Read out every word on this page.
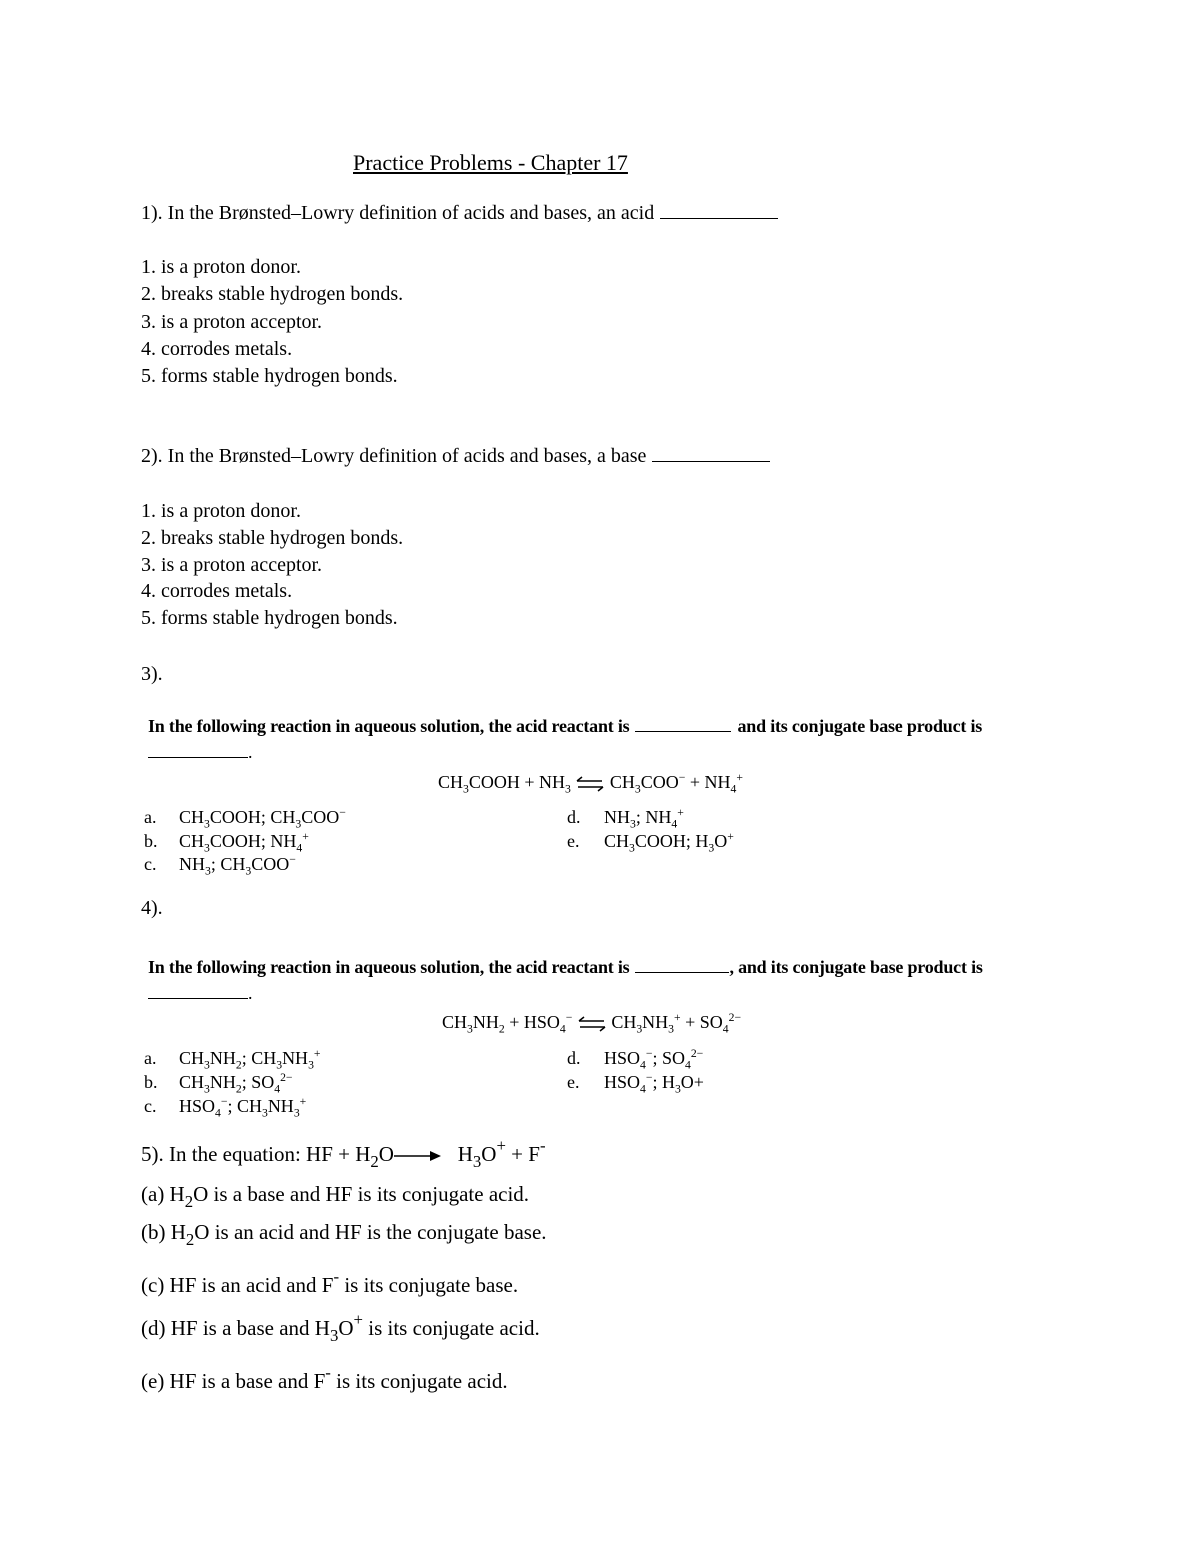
Practice Problems - Chapter 17
1). In the Brønsted–Lowry definition of acids and bases, an acid
1. is a proton donor.
2. breaks stable hydrogen bonds.
3. is a proton acceptor.
4. corrodes metals.
5. forms stable hydrogen bonds.
2). In the Brønsted–Lowry definition of acids and bases, a base
1. is a proton donor.
2. breaks stable hydrogen bonds.
3. is a proton acceptor.
4. corrodes metals.
5. forms stable hydrogen bonds.
3).
In the following reaction in aqueous solution, the acid reactant is	and its conjugate base product is
.
$CH_3COOH + NH_3$ ⇌ $CH_3COO^- + NH_4^+$
a. $CH_3COOH$; $CH_3COO^-$
b. $CH_3COOH$; $NH_4^+$
c. $NH_3$; $CH_3COO^-$
d. $NH_3$; $NH_4^+$
e. $CH_3COOH$; $H_3O^+$
4).
In the following reaction in aqueous solution, the acid reactant is	, and its conjugate base product is
.
$CH_3NH_2 + HSO_4^-$ ⇌ $CH_3NH_3^+ + SO_4^{2-}$
a. $CH_3NH_2$; $CH_3NH_3^+$
b. $CH_3NH_2$; $SO_4^{2-}$
c. $HSO_4^-$; $CH_3NH_3^+$
d. $HSO_4^-$; $SO_4^{2-}$
e. $HSO_4^-$; $H_3O+$
5). In the equation: HF + $H_2O\to H_3O^+ + F^-$
(a) $H_2O$ is a base and HF is its conjugate acid.
(b) $H_2O$ is an acid and HF is the conjugate base.
(c) HF is an acid and F- is its conjugate base.
(d) HF is a base and $H_3O^+$ is its conjugate acid.
(e) HF is a base and F- is its conjugate acid.
